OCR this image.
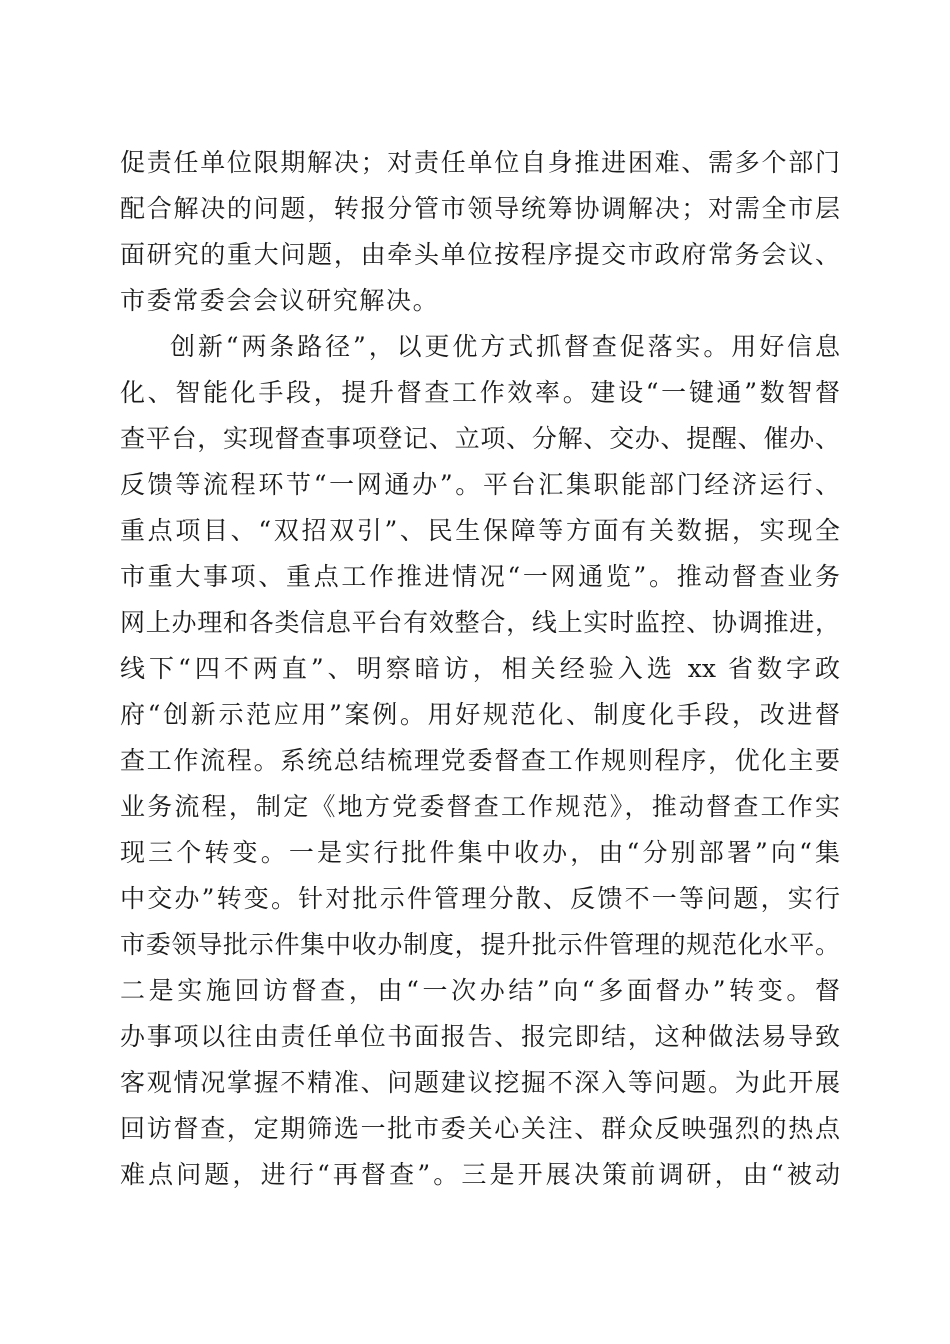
促责任单位限期解决；对责任单位自身推进困难、需多个部门
配合解决的问题，转报分管市领导统筹协调解决；对需全市层
面研究的重大问题，由牵头单位按程序提交市政府常务会议、
市委常委会会议研究解决。
创新“两条路径”，以更优方式抓督查促落实。用好信息
化、智能化手段，提升督查工作效率。建设“一键通”数智督
查平台，实现督查事项登记、立项、分解、交办、提醒、催办、
反馈等流程环节“一网通办”。平台汇集职能部门经济运行、
重点项目、“双招双引”、民生保障等方面有关数据，实现全
市重大事项、重点工作推进情况“一网通览”。推动督查业务
网上办理和各类信息平台有效整合，线上实时监控、协调推进，
线下“四不两直”、明察暗访，相关经验入选 xx 省数字政
府“创新示范应用”案例。用好规范化、制度化手段，改进督
查工作流程。系统总结梳理党委督查工作规则程序，优化主要
业务流程，制定《地方党委督查工作规范》，推动督查工作实
现三个转变。一是实行批件集中收办，由“分别部署”向“集
中交办”转变。针对批示件管理分散、反馈不一等问题，实行
市委领导批示件集中收办制度，提升批示件管理的规范化水平。
二是实施回访督查，由“一次办结”向“多面督办”转变。督
办事项以往由责任单位书面报告、报完即结，这种做法易导致
客观情况掌握不精准、问题建议挖掘不深入等问题。为此开展
回访督查，定期筛选一批市委关心关注、群众反映强烈的热点
难点问题，进行“再督查”。三是开展决策前调研，由“被动
